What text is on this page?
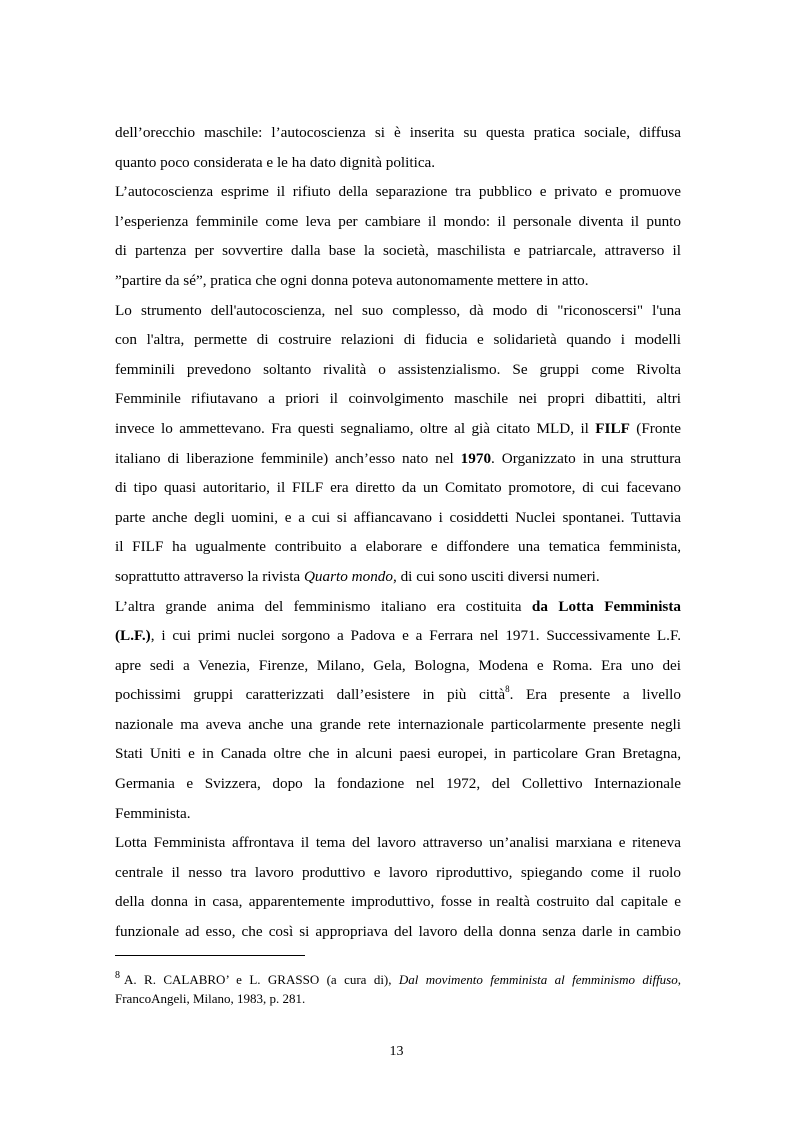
dell’orecchio maschile: l’autocoscienza si è inserita su questa pratica sociale, diffusa
quanto poco considerata e le ha dato dignità politica.
L’autocoscienza esprime il rifiuto della separazione tra pubblico e privato e promuove
l’esperienza femminile come leva per cambiare il mondo: il personale diventa il punto
di partenza per sovvertire dalla base la società, maschilista e patriarcale, attraverso il
”partire da sé”, pratica che ogni donna poteva autonomamente mettere in atto.
Lo strumento dell'autocoscienza, nel suo complesso, dà modo di "riconoscersi" l'una
con l'altra, permette di costruire relazioni di fiducia e solidarietà quando i modelli
femminili prevedono soltanto rivalità o assistenzialismo. Se gruppi come Rivolta
Femminile rifiutavano a priori il coinvolgimento maschile nei propri dibattiti, altri
invece lo ammettevano. Fra questi segnaliamo, oltre al già citato MLD, il FILF (Fronte
italiano di liberazione femminile) anch’esso nato nel 1970. Organizzato in una struttura
di tipo quasi autoritario, il FILF era diretto da un Comitato promotore, di cui facevano
parte anche degli uomini, e a cui si affiancavano i cosiddetti Nuclei spontanei. Tuttavia
il FILF ha ugualmente contribuito a elaborare e diffondere una tematica femminista,
soprattutto attraverso la rivista Quarto mondo, di cui sono usciti diversi numeri.
L’altra grande anima del femminismo italiano era costituita da Lotta Femminista
(L.F.), i cui primi nuclei sorgono a Padova e a Ferrara nel 1971. Successivamente L.F.
apre sedi a Venezia, Firenze, Milano, Gela, Bologna, Modena e Roma. Era uno dei
pochissimi gruppi caratterizzati dall’esistere in più città$^8$. Era presente a livello
nazionale ma aveva anche una grande rete internazionale particolarmente presente negli
Stati Uniti e in Canada oltre che in alcuni paesi europei, in particolare Gran Bretagna,
Germania e Svizzera, dopo la fondazione nel 1972, del Collettivo Internazionale
Femminista.
Lotta Femminista affrontava il tema del lavoro attraverso un’analisi marxiana e riteneva
centrale il nesso tra lavoro produttivo e lavoro riproduttivo, spiegando come il ruolo
della donna in casa, apparentemente improduttivo, fosse in realtà costruito dal capitale e
funzionale ad esso, che così si appropriava del lavoro della donna senza darle in cambio
$^8$ A. R. CALABRO’ e L. GRASSO (a cura di), Dal movimento femminista al femminismo diffuso,
FrancoAngeli, Milano, 1983, p. 281.
13
